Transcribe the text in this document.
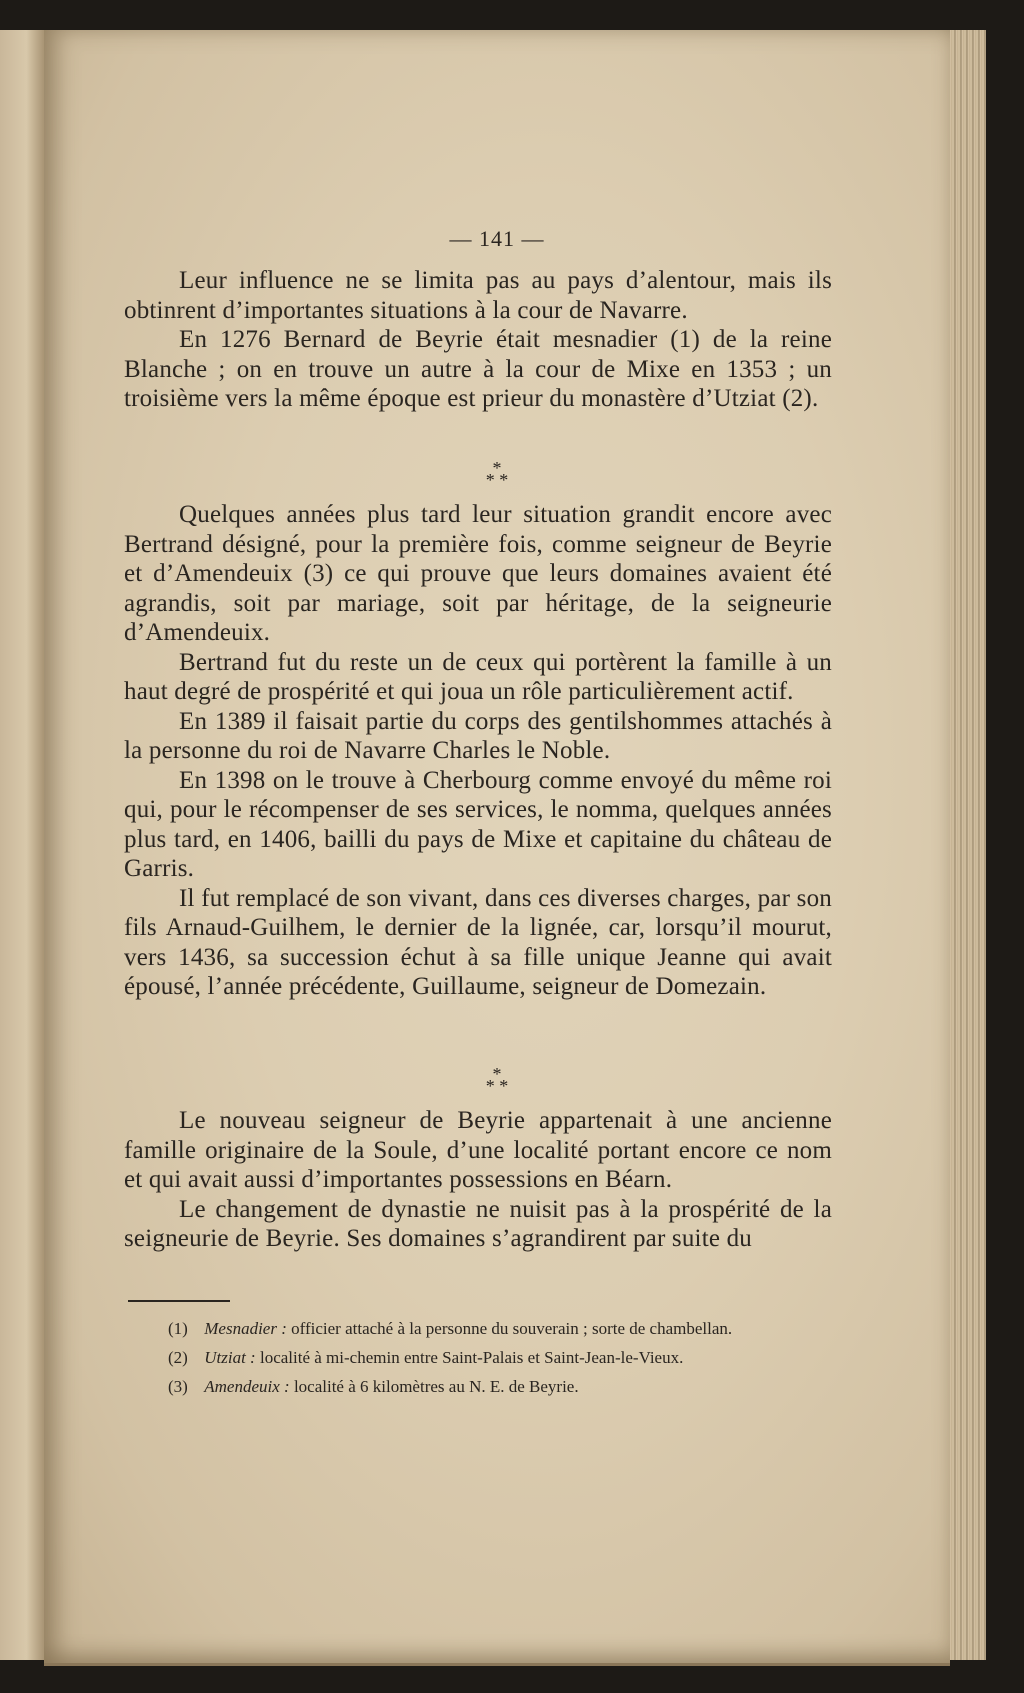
— 141 —

Leur influence ne se limita pas au pays d’alentour, mais ils obtinrent d’importantes situations à la cour de Navarre.

En 1276 Bernard de Beyrie était mesnadier (1) de la reine Blanche ; on en trouve un autre à la cour de Mixe en 1353 ; un troisième vers la même époque est prieur du monastère d’Utziat (2).

*
* *

Quelques années plus tard leur situation grandit encore avec Bertrand désigné, pour la première fois, comme seigneur de Beyrie et d’Amendeuix (3) ce qui prouve que leurs domaines avaient été agrandis, soit par mariage, soit par héritage, de la seigneurie d’Amendeuix.

Bertrand fut du reste un de ceux qui portèrent la famille à un haut degré de prospérité et qui joua un rôle particulièrement actif.

En 1389 il faisait partie du corps des gentilshommes attachés à la personne du roi de Navarre Charles le Noble.

En 1398 on le trouve à Cherbourg comme envoyé du même roi qui, pour le récompenser de ses services, le nomma, quelques années plus tard, en 1406, bailli du pays de Mixe et capitaine du château de Garris.

Il fut remplacé de son vivant, dans ces diverses charges, par son fils Arnaud-Guilhem, le dernier de la lignée, car, lorsqu’il mourut, vers 1436, sa succession échut à sa fille unique Jeanne qui avait épousé, l’année précédente, Guillaume, seigneur de Domezain.

*
* *

Le nouveau seigneur de Beyrie appartenait à une ancienne famille originaire de la Soule, d’une localité portant encore ce nom et qui avait aussi d’importantes possessions en Béarn.

Le changement de dynastie ne nuisit pas à la prospérité de la seigneurie de Beyrie. Ses domaines s’agrandirent par suite du

(1) Mesnadier : officier attaché à la personne du souverain ; sorte de chambellan.
(2) Utziat : localité à mi-chemin entre Saint-Palais et Saint-Jean-le-Vieux.
(3) Amendeuix : localité à 6 kilomètres au N. E. de Beyrie.
